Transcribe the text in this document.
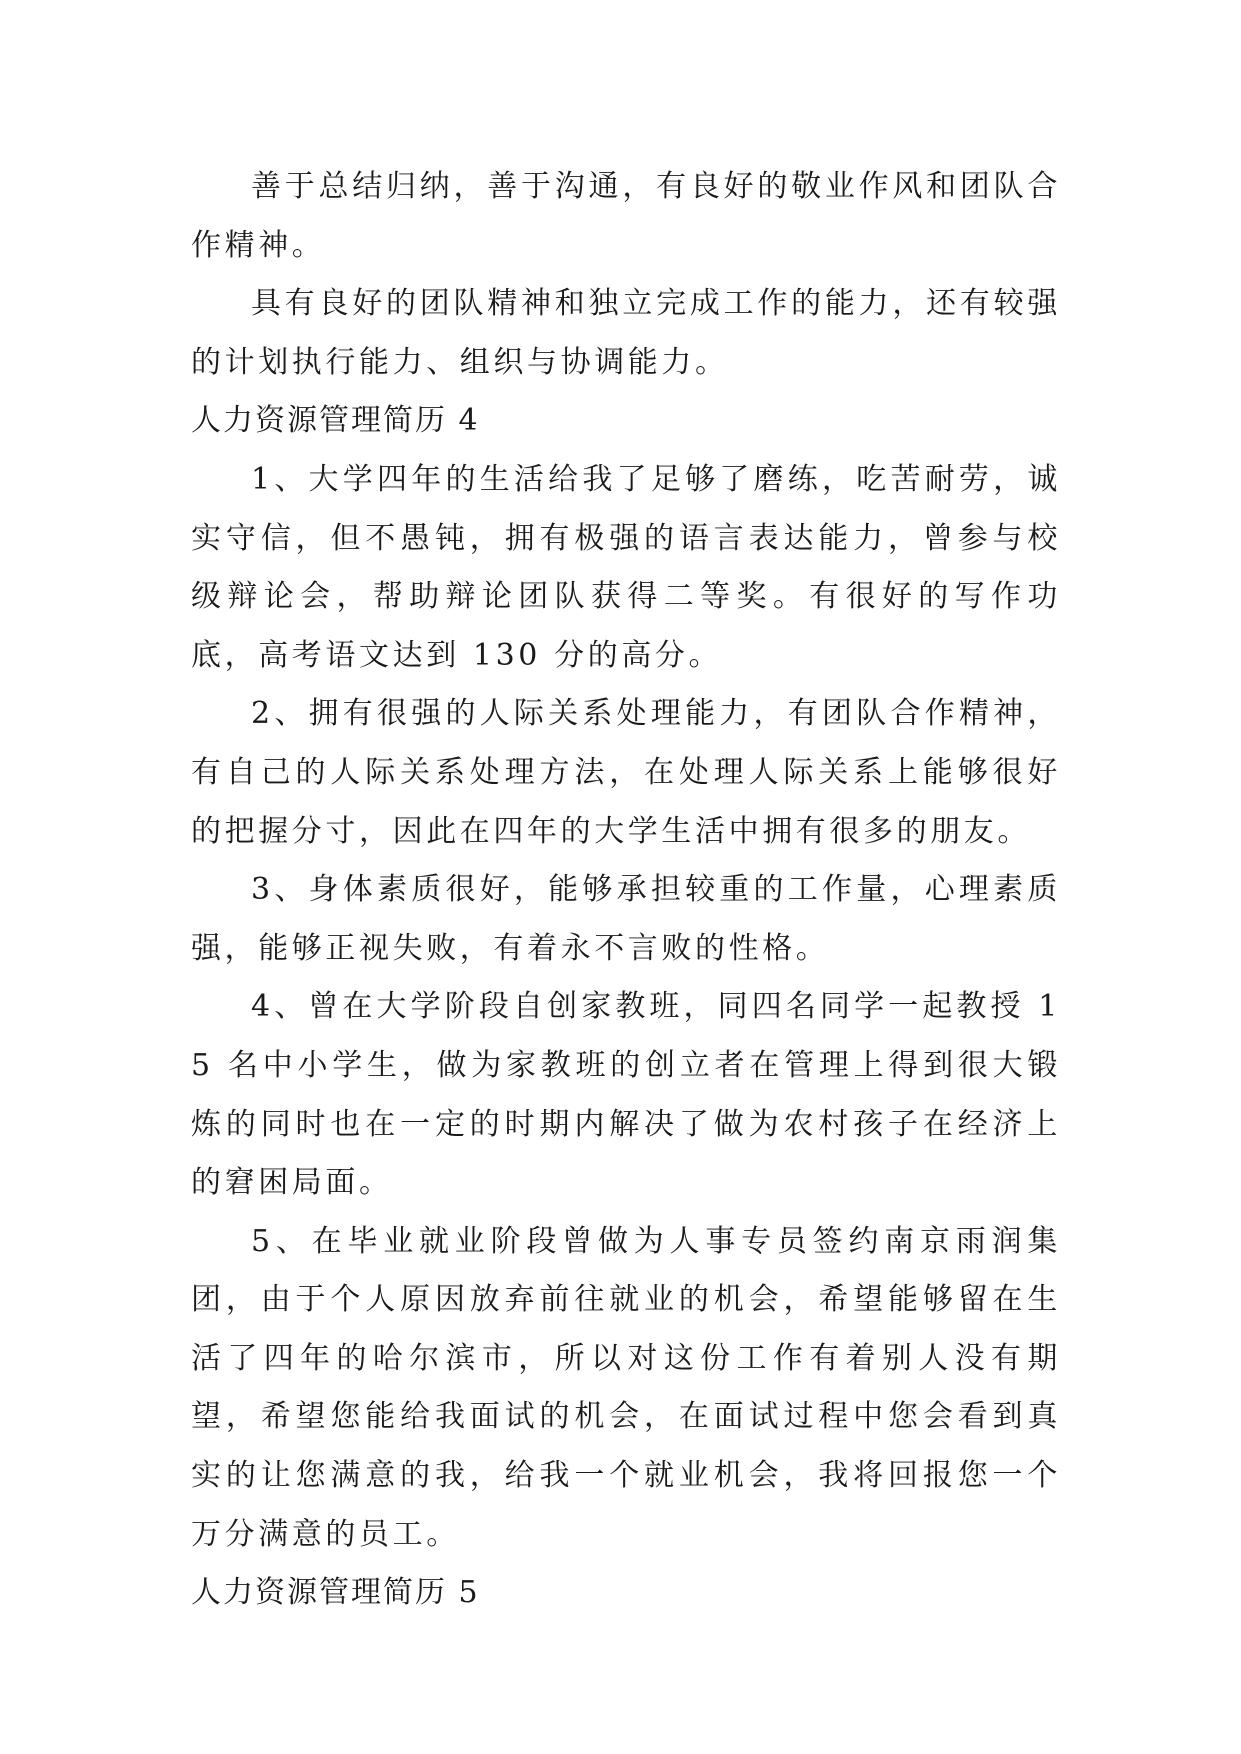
善于总结归纳，善于沟通，有良好的敬业作风和团队合作精神。

具有良好的团队精神和独立完成工作的能力，还有较强的计划执行能力、组织与协调能力。

人力资源管理简历 4

1、大学四年的生活给我了足够了磨练，吃苦耐劳，诚实守信，但不愚钝，拥有极强的语言表达能力，曾参与校级辩论会，帮助辩论团队获得二等奖。有很好的写作功底，高考语文达到 130 分的高分。

2、拥有很强的人际关系处理能力，有团队合作精神，有自己的人际关系处理方法，在处理人际关系上能够很好的把握分寸，因此在四年的大学生活中拥有很多的朋友。

3、身体素质很好，能够承担较重的工作量，心理素质强，能够正视失败，有着永不言败的性格。

4、曾在大学阶段自创家教班，同四名同学一起教授 15 名中小学生，做为家教班的创立者在管理上得到很大锻炼的同时也在一定的时期内解决了做为农村孩子在经济上的窘困局面。

5、在毕业就业阶段曾做为人事专员签约南京雨润集团，由于个人原因放弃前往就业的机会，希望能够留在生活了四年的哈尔滨市，所以对这份工作有着别人没有期望，希望您能给我面试的机会，在面试过程中您会看到真实的让您满意的我，给我一个就业机会，我将回报您一个万分满意的员工。

人力资源管理简历 5
